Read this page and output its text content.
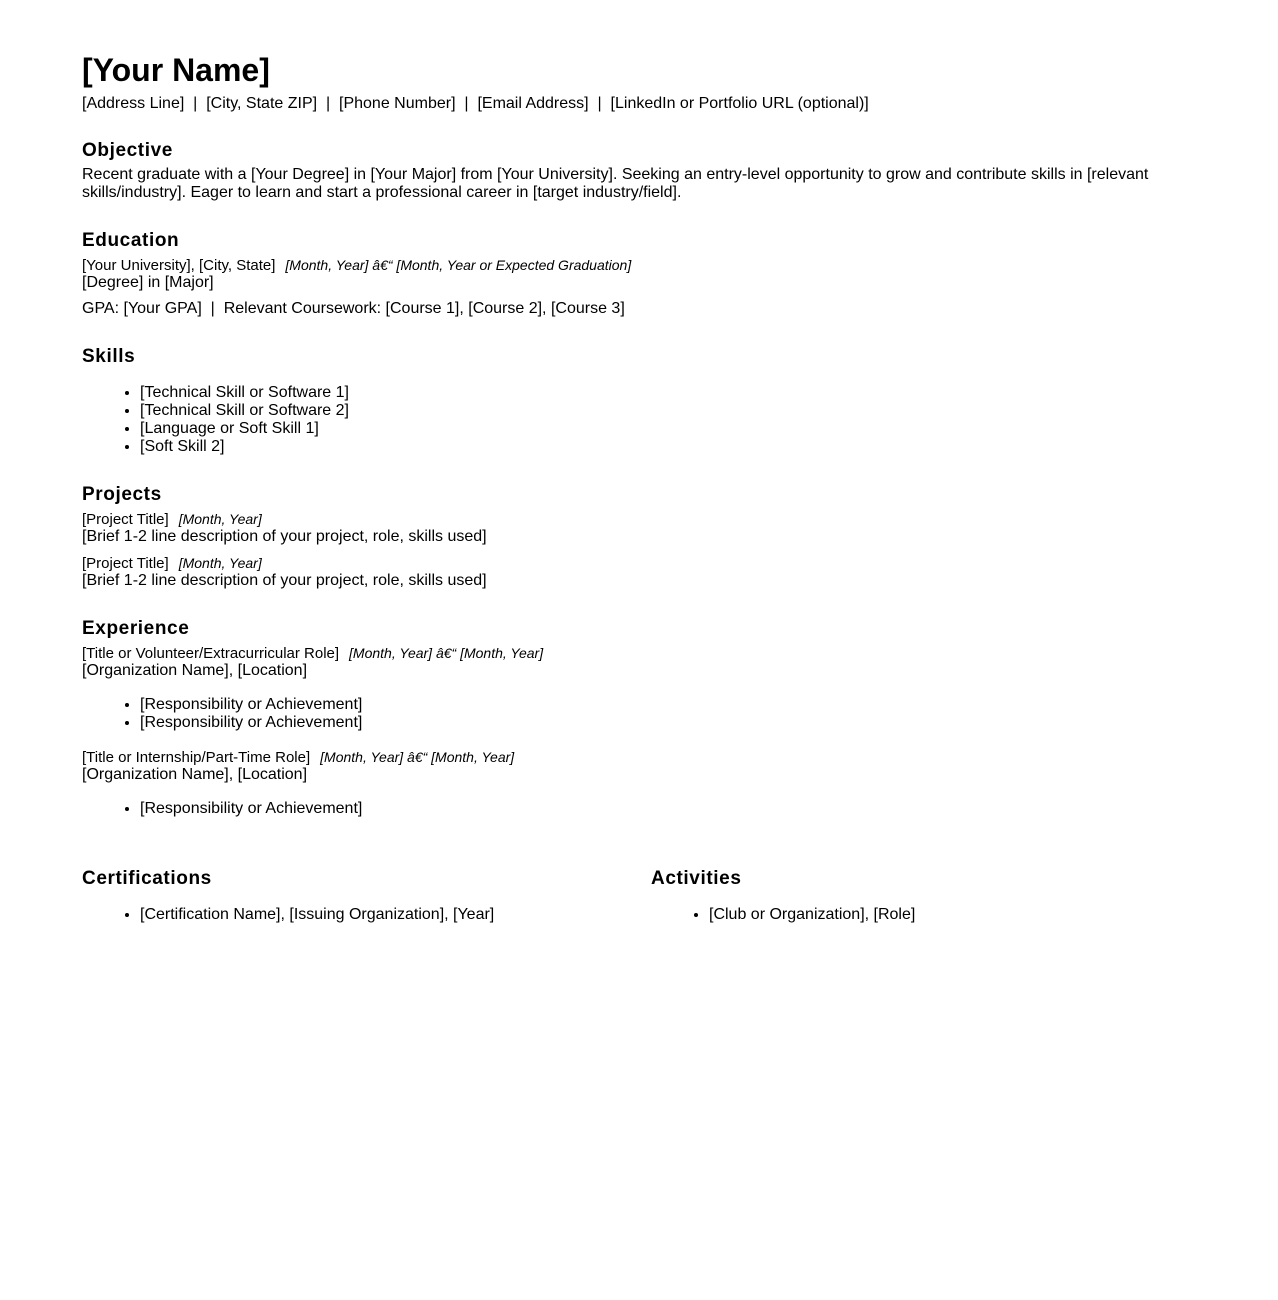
[Your Name]
[Address Line]  |  [City, State ZIP]  |  [Phone Number]  |  [Email Address]  |  [LinkedIn or Portfolio URL (optional)]
Objective
Recent graduate with a [Your Degree] in [Your Major] from [Your University]. Seeking an entry-level opportunity to grow and contribute skills in [relevant skills/industry]. Eager to learn and start a professional career in [target industry/field].
Education
[Your University], [City, State] [Month, Year] â€“ [Month, Year or Expected Graduation]
[Degree] in [Major]
GPA: [Your GPA]  |  Relevant Coursework: [Course 1], [Course 2], [Course 3]
Skills
• [Technical Skill or Software 1]
• [Technical Skill or Software 2]
• [Language or Soft Skill 1]
• [Soft Skill 2]
Projects
[Project Title] [Month, Year]
[Brief 1-2 line description of your project, role, skills used]
[Project Title] [Month, Year]
[Brief 1-2 line description of your project, role, skills used]
Experience
[Title or Volunteer/Extracurricular Role] [Month, Year] â€“ [Month, Year]
[Organization Name], [Location]
• [Responsibility or Achievement]
• [Responsibility or Achievement]
[Title or Internship/Part-Time Role] [Month, Year] â€“ [Month, Year]
[Organization Name], [Location]
• [Responsibility or Achievement]
Certifications
• [Certification Name], [Issuing Organization], [Year]
Activities
• [Club or Organization], [Role]
